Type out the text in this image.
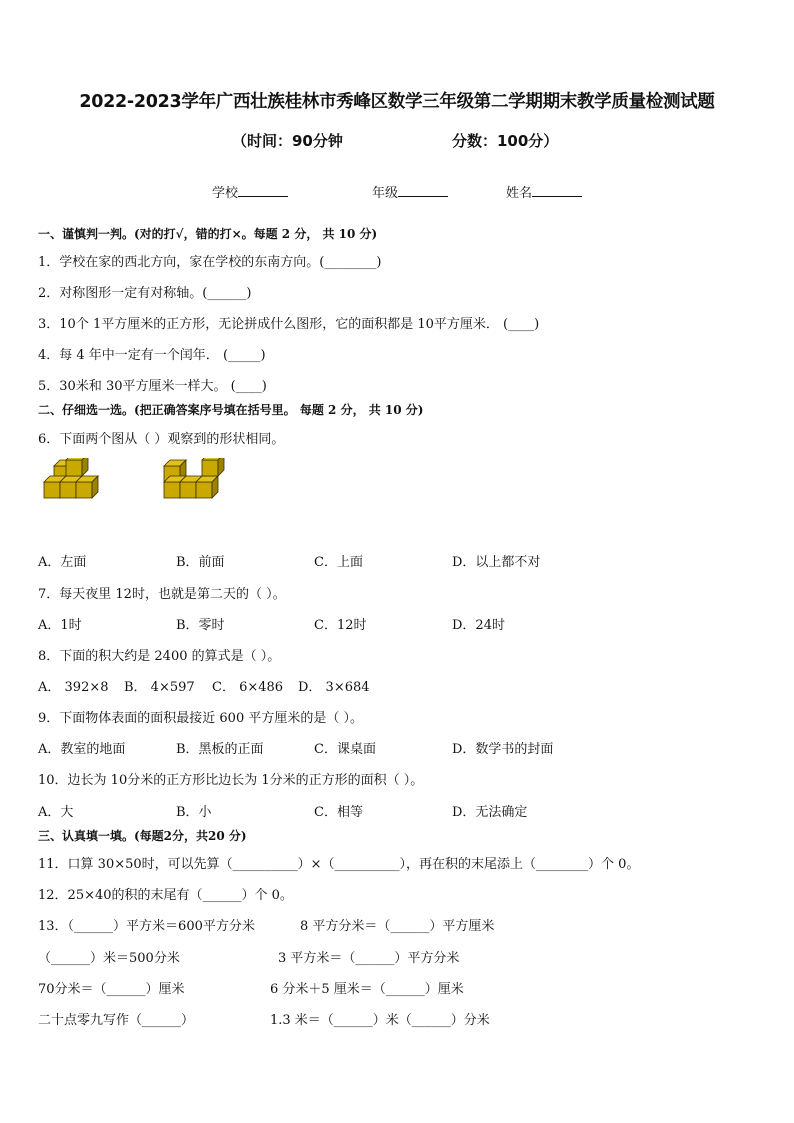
2022-2023学年广西壮族桂林市秀峰区数学三年级第二学期期末教学质量检测试题
（时间：90分钟	分数：100分）
学校	年级	姓名
一、谨慎判一判。(对的打√，错的打×。每题 2 分， 共 10 分)
1．学校在家的西北方向，家在学校的东南方向。(________)
2．对称图形一定有对称轴。(______)
3．10个 1平方厘米的正方形，无论拼成什么图形，它的面积都是 10平方厘米． (____)
4．每 4 年中一定有一个闰年． (_____)
5．30米和 30平方厘米一样大。 (____)
二、仔细选一选。(把正确答案序号填在括号里。 每题 2 分， 共 10 分)
6．下面两个图从（ ）观察到的形状相同。
A．左面	B．前面	C．上面	D．以上都不对
7．每天夜里 12时，也就是第二天的（ ）。
A．1时	B．零时	C．12时	D．24时
8．下面的积大约是 2400 的算式是（ ）。
A． 392×8 B． 4×597 C． 6×486 D． 3×684
9．下面物体表面的面积最接近 600 平方厘米的是（ ）。
A．教室的地面	B．黑板的正面	C．课桌面	D．数学书的封面
10．边长为 10分米的正方形比边长为 1分米的正方形的面积（ ）。
A．大	B．小	C．相等	D．无法确定
三、认真填一填。(每题2分，共20 分)
11．口算 30×50时，可以先算（__________）×（__________），再在积的末尾添上（________）个 0。
12．25×40的积的末尾有（______）个 0。
13．（______）平方米＝600平方分米	8 平方分米＝（______）平方厘米
（______）米＝500分米	3 平方米＝（______）平方分米
70分米＝（______）厘米	6 分米＋5 厘米＝（______）厘米
二十点零九写作（______）	1.3 米＝（______）米（______）分米
